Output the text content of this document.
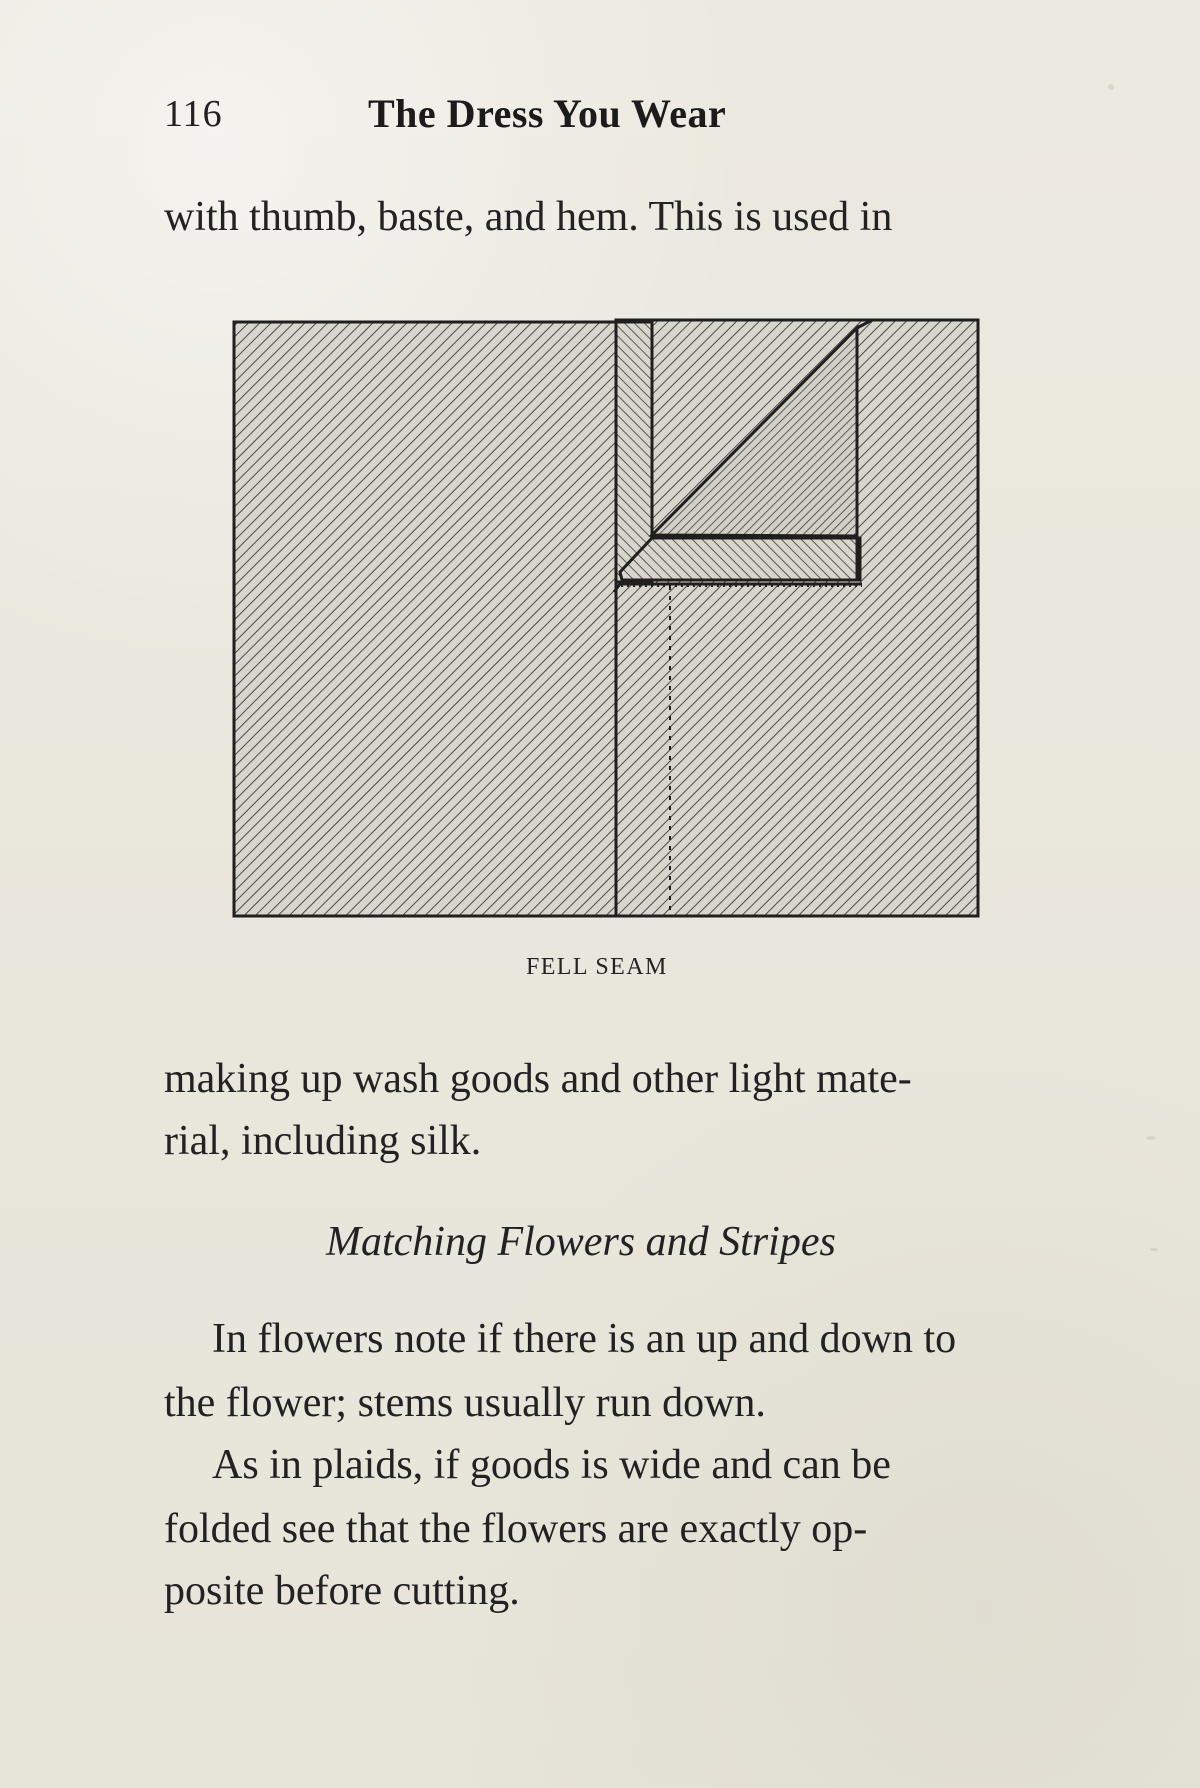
116	The Dress You Wear
with thumb, baste, and hem. This is used in
FELL SEAM
making up wash goods and other light mate-
rial, including silk.
Matching Flowers and Stripes
In flowers note if there is an up and down to
the flower; stems usually run down.
As in plaids, if goods is wide and can be
folded see that the flowers are exactly op-
posite before cutting.
